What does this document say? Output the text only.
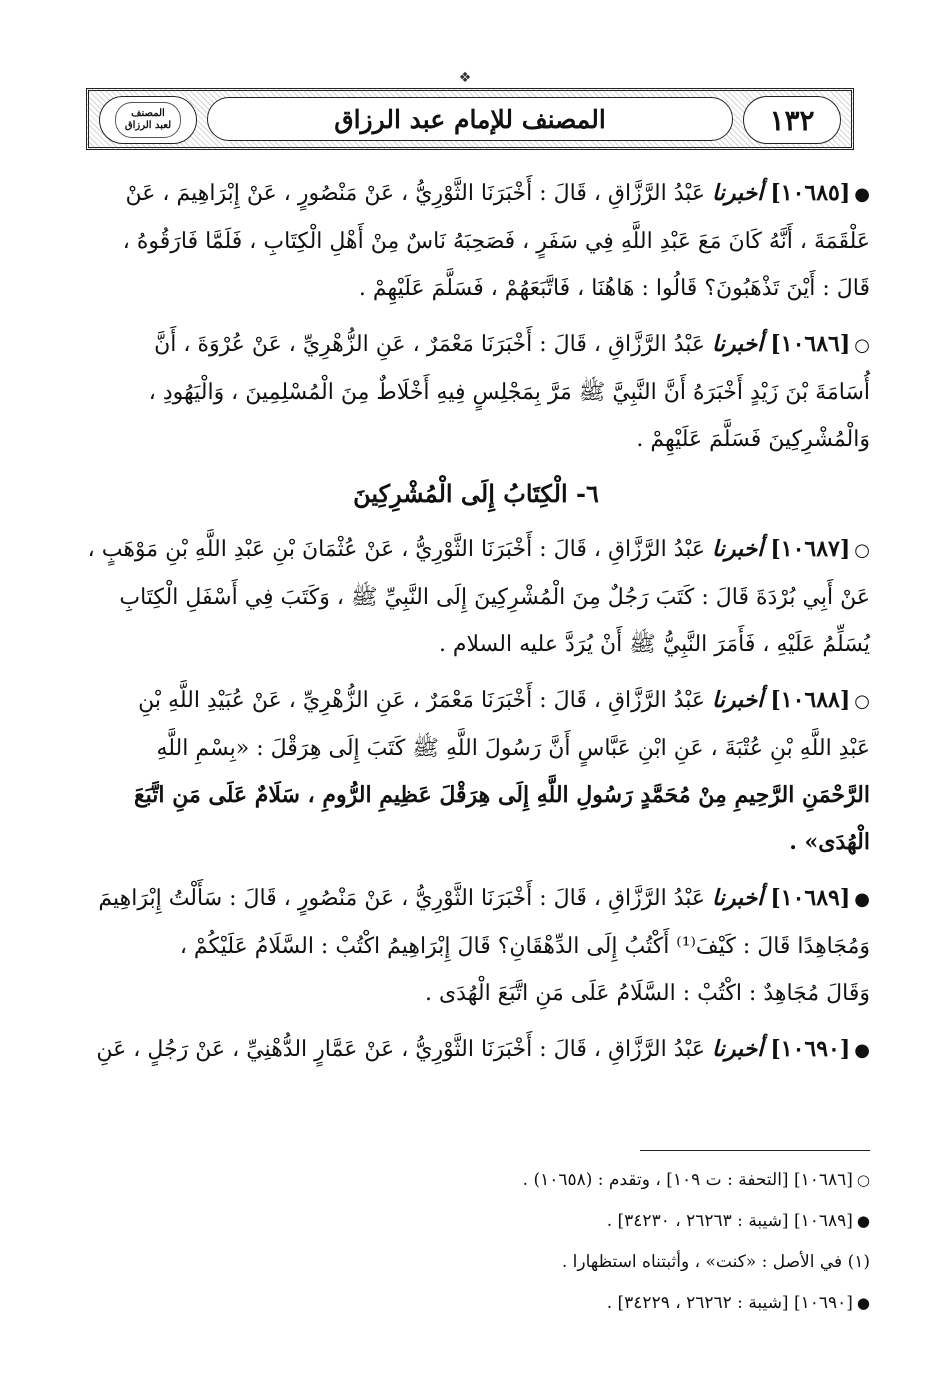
❖
١٣٢
المصنف للإمام عبد الرزاق
المصنف
لعبد الرزاق

●[١٠٦٨٥] أخبرنا عَبْدُ الرَّزَّاقِ ، قَالَ : أَخْبَرَنَا الثَّوْرِيُّ ، عَنْ مَنْصُورٍ ، عَنْ إِبْرَاهِيمَ ، عَنْ

عَلْقَمَةَ ، أَنَّهُ كَانَ مَعَ عَبْدِ اللَّهِ فِي سَفَرٍ ، فَصَحِبَهُ نَاسٌ مِنْ أَهْلِ الْكِتَابِ ، فَلَمَّا فَارَقُوهُ ،

قَالَ : أَيْنَ تَذْهَبُونَ؟ قَالُوا : هَاهُنَا ، فَاتَّبَعَهُمْ ، فَسَلَّمَ عَلَيْهِمْ .

○[١٠٦٨٦] أخبرنا عَبْدُ الرَّزَّاقِ ، قَالَ : أَخْبَرَنَا مَعْمَرٌ ، عَنِ الزُّهْرِيِّ ، عَنْ عُرْوَةَ ، أَنَّ

أُسَامَةَ بْنَ زَيْدٍ أَخْبَرَهُ أَنَّ النَّبِيَّ ﷺ مَرَّ بِمَجْلِسٍ فِيهِ أَخْلَاطٌ مِنَ الْمُسْلِمِينَ ، وَالْيَهُودِ ،

وَالْمُشْرِكِينَ فَسَلَّمَ عَلَيْهِمْ .

٦- الْكِتَابُ إِلَى الْمُشْرِكِينَ

○[١٠٦٨٧] أخبرنا عَبْدُ الرَّزَّاقِ ، قَالَ : أَخْبَرَنَا الثَّوْرِيُّ ، عَنْ عُثْمَانَ بْنِ عَبْدِ اللَّهِ بْنِ مَوْهَبٍ ،

عَنْ أَبِي بُرْدَةَ قَالَ : كَتَبَ رَجُلٌ مِنَ الْمُشْرِكِينَ إِلَى النَّبِيِّ ﷺ ، وَكَتَبَ فِي أَسْفَلِ الْكِتَابِ

يُسَلِّمُ عَلَيْهِ ، فَأَمَرَ النَّبِيُّ ﷺ أَنْ يُرَدَّ عليه السلام .

○[١٠٦٨٨] أخبرنا عَبْدُ الرَّزَّاقِ ، قَالَ : أَخْبَرَنَا مَعْمَرٌ ، عَنِ الزُّهْرِيِّ ، عَنْ عُبَيْدِ اللَّهِ بْنِ

عَبْدِ اللَّهِ بْنِ عُتْبَةَ ، عَنِ ابْنِ عَبَّاسٍ أَنَّ رَسُولَ اللَّهِ ﷺ كَتَبَ إِلَى هِرَقْلَ : «بِسْمِ اللَّهِ

الرَّحْمَنِ الرَّحِيمِ مِنْ مُحَمَّدٍ رَسُولِ اللَّهِ إِلَى هِرَقْلَ عَظِيمِ الرُّومِ ، سَلَامٌ عَلَى مَنِ اتَّبَعَ

الْهُدَى» .

●[١٠٦٨٩] أخبرنا عَبْدُ الرَّزَّاقِ ، قَالَ : أَخْبَرَنَا الثَّوْرِيُّ ، عَنْ مَنْصُورٍ ، قَالَ : سَأَلْتُ إِبْرَاهِيمَ

وَمُجَاهِدًا قَالَ : كَيْفَ⁽¹⁾ أَكْتُبُ إِلَى الدِّهْقَانِ؟ قَالَ إِبْرَاهِيمُ اكْتُبْ : السَّلَامُ عَلَيْكُمْ ،

وَقَالَ مُجَاهِدٌ : اكْتُبْ : السَّلَامُ عَلَى مَنِ اتَّبَعَ الْهُدَى .

●[١٠٦٩٠] أخبرنا عَبْدُ الرَّزَّاقِ ، قَالَ : أَخْبَرَنَا الثَّوْرِيُّ ، عَنْ عَمَّارٍ الدُّهْنِيِّ ، عَنْ رَجُلٍ ، عَنِ

○[١٠٦٨٦] [التحفة : ت ١٠٩] ، وتقدم : (١٠٦٥٨) .

●[١٠٦٨٩] [شيبة : ٢٦٢٦٣ ، ٣٤٢٣٠] .

(١) في الأصل : «كنت» ، وأثبتناه استظهارا .

●[١٠٦٩٠] [شيبة : ٢٦٢٦٢ ، ٣٤٢٢٩] .
